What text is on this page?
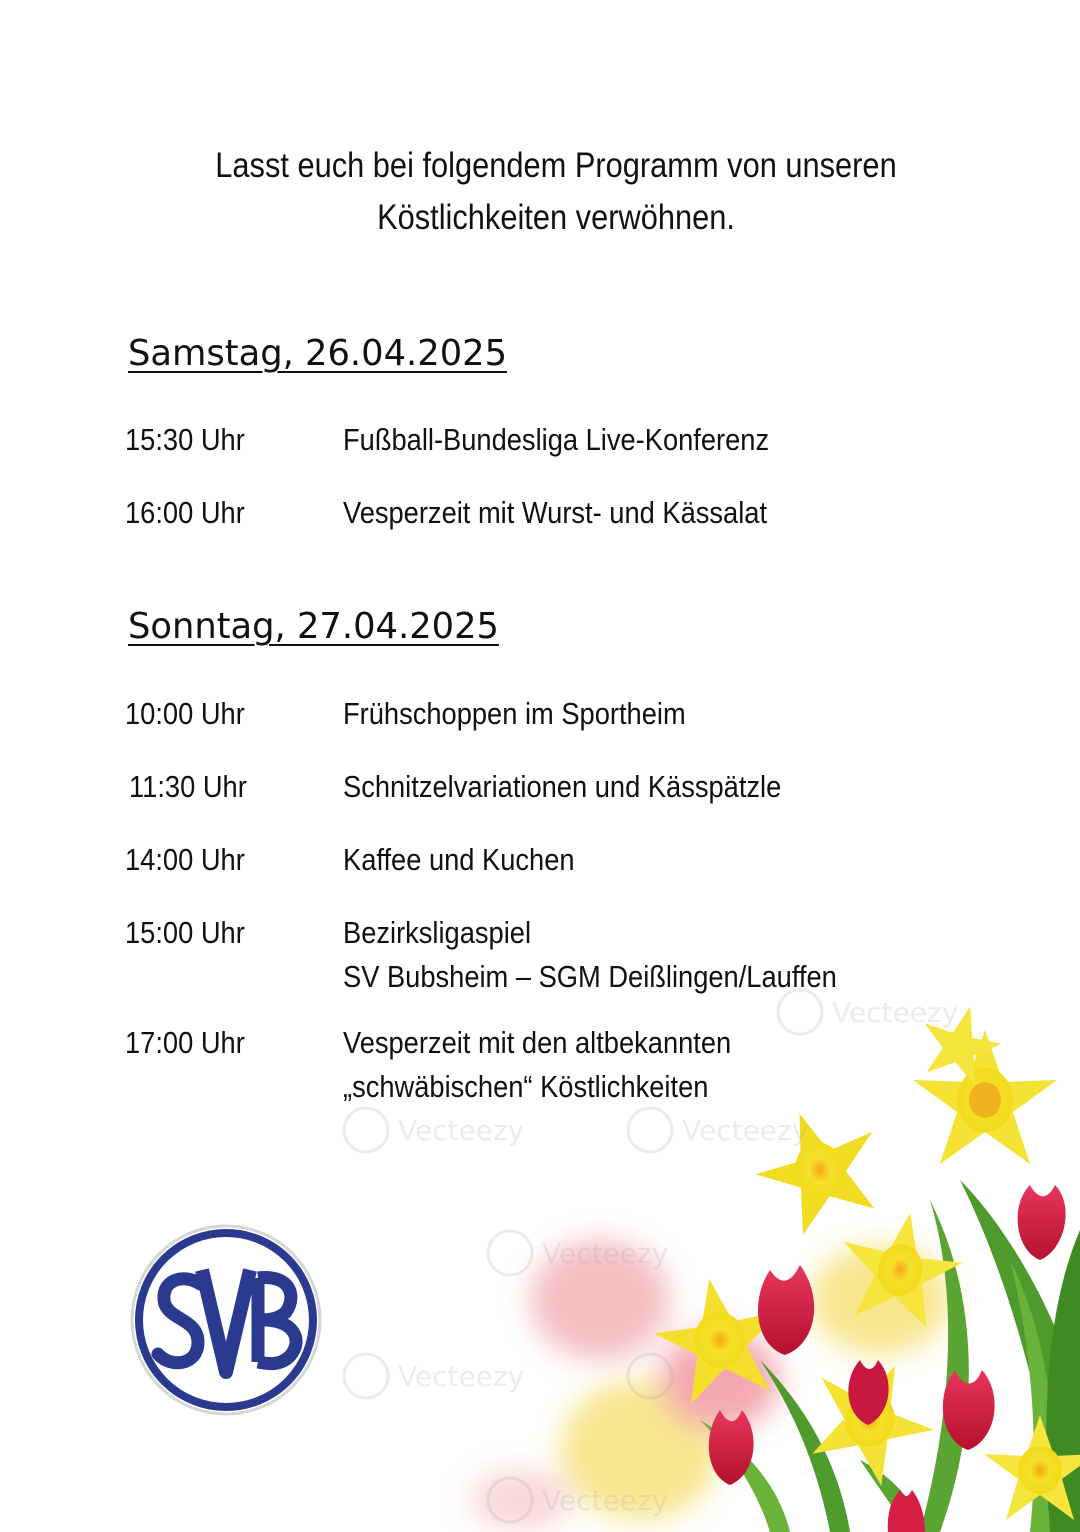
Vecteezy	Vecteezy
Vecteezy
Vecteezy
Vecteezy
Vecteezy
Lasst euch bei folgendem Programm von unseren
Köstlichkeiten verwöhnen.
Samstag, 26.04.2025
15:30 Uhr	Fußball-Bundesliga Live-Konferenz
16:00 Uhr	Vesperzeit mit Wurst- und Kässalat
Sonntag, 27.04.2025
10:00 Uhr	Frühschoppen im Sportheim
11:30 Uhr	Schnitzelvariationen und Kässpätzle
14:00 Uhr	Kaffee und Kuchen
15:00 Uhr	Bezirksligaspiel
SV Bubsheim – SGM Deißlingen/Lauffen
17:00 Uhr	Vesperzeit mit den altbekannten
„schwäbischen“ Köstlichkeiten
